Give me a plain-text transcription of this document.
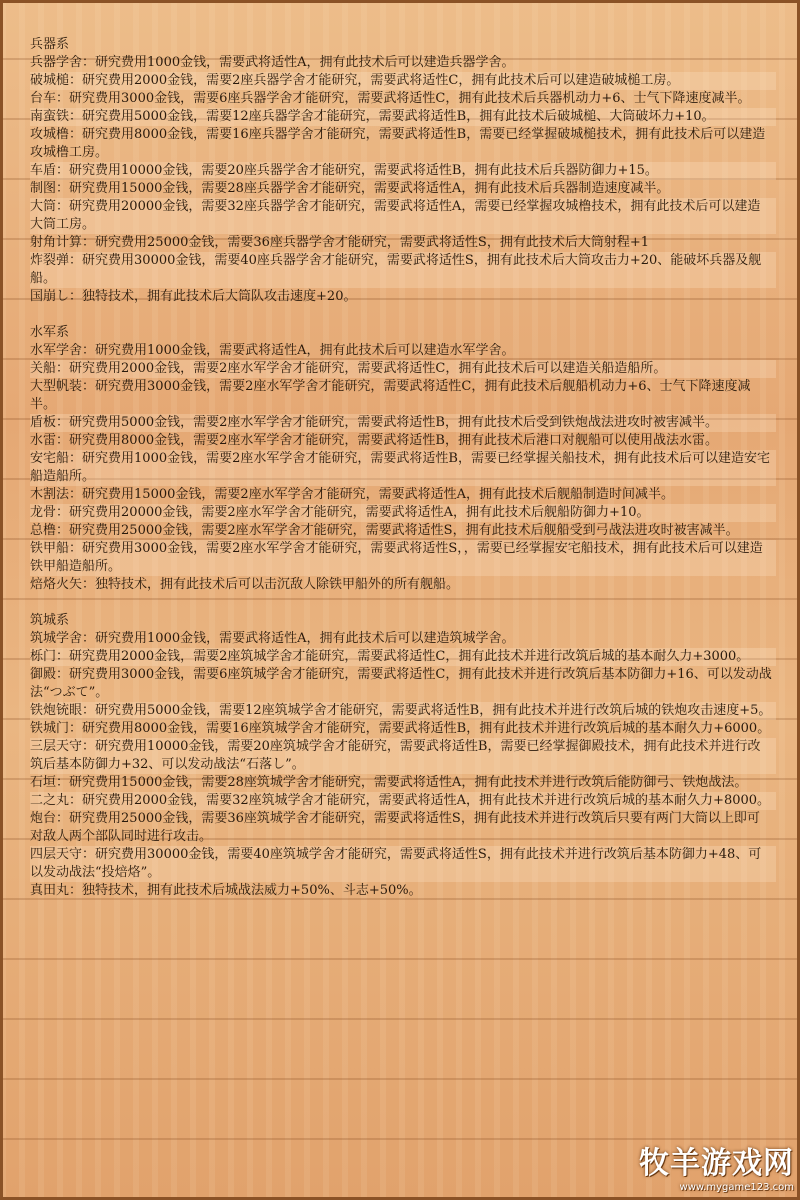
兵器系

兵器学舍 ： 研究费用1000金钱，需要武将适性A，拥有此技术后可以建造兵器学舍。

破城槌 ： 研究费用2000金钱，需要2座兵器学舍才能研究，需要武将适性C，拥有此技术后可以建造破城槌工房。

台车 ： 研究费用3000金钱，需要6座兵器学舍才能研究，需要武将适性C，拥有此技术后兵器机动力+6、士气下降速度减半。

南蛮铁 ： 研究费用5000金钱，需要12座兵器学舍才能研究，需要武将适性B，拥有此技术后破城槌、大筒破坏力+10。

攻城橹 ： 研究费用8000金钱，需要16座兵器学舍才能研究，需要武将适性B，需要已经掌握破城槌技术，拥有此技术后可以建造攻城橹工房。

车盾 ： 研究费用10000金钱，需要20座兵器学舍才能研究，需要武将适性B，拥有此技术后兵器防御力+15。

制图 ： 研究费用15000金钱，需要28座兵器学舍才能研究，需要武将适性A，拥有此技术后兵器制造速度减半。

大筒 ： 研究费用20000金钱，需要32座兵器学舍才能研究，需要武将适性A，需要已经掌握攻城橹技术，拥有此技术后可以建造大筒工房。

射角计算 ： 研究费用25000金钱，需要36座兵器学舍才能研究，需要武将适性S，拥有此技术后大筒射程+1

炸裂弹 ： 研究费用30000金钱，需要40座兵器学舍才能研究，需要武将适性S，拥有此技术后大筒攻击力+20、能破坏兵器及舰船。

国崩し ： 独特技术，拥有此技术后大筒队攻击速度+20。

水军系

水军学舍 ： 研究费用1000金钱，需要武将适性A，拥有此技术后可以建造水军学舍。

关船 ： 研究费用2000金钱，需要2座水军学舍才能研究，需要武将适性C，拥有此技术后可以建造关船造船所。

大型帆装 ： 研究费用3000金钱，需要2座水军学舍才能研究，需要武将适性C，拥有此技术后舰船机动力+6、士气下降速度减半。

盾板 ： 研究费用5000金钱，需要2座水军学舍才能研究，需要武将适性B，拥有此技术后受到铁炮战法进攻时被害减半。

水雷 ： 研究费用8000金钱，需要2座水军学舍才能研究，需要武将适性B，拥有此技术后港口对舰船可以使用战法水雷。

安宅船 ： 研究费用1000金钱，需要2座水军学舍才能研究，需要武将适性B，需要已经掌握关船技术，拥有此技术后可以建造安宅船造船所。

木割法 ： 研究费用15000金钱，需要2座水军学舍才能研究，需要武将适性A，拥有此技术后舰船制造时间减半。

龙骨 ： 研究费用20000金钱，需要2座水军学舍才能研究，需要武将适性A，拥有此技术后舰船防御力+10。

总橹 ： 研究费用25000金钱，需要2座水军学舍才能研究，需要武将适性S，拥有此技术后舰船受到弓战法进攻时被害减半。

铁甲船 ： 研究费用3000金钱，需要2座水军学舍才能研究，需要武将适性S，，需要已经掌握安宅船技术，拥有此技术后可以建造铁甲船造船所。

焙烙火矢 ： 独特技术，拥有此技术后可以击沉敌人除铁甲船外的所有舰船。

筑城系

筑城学舍 ： 研究费用1000金钱，需要武将适性A，拥有此技术后可以建造筑城学舍。

栎门 ： 研究费用2000金钱，需要2座筑城学舍才能研究，需要武将适性C，拥有此技术并进行改筑后城的基本耐久力+3000。

御殿 ： 研究费用3000金钱，需要6座筑城学舍才能研究，需要武将适性C，拥有此技术并进行改筑后基本防御力+16、可以发动战法“つぶて”。

铁炮铳眼 ： 研究费用5000金钱，需要12座筑城学舍才能研究，需要武将适性B，拥有此技术并进行改筑后城的铁炮攻击速度+5。

铁城门 ： 研究费用8000金钱，需要16座筑城学舍才能研究，需要武将适性B，拥有此技术并进行改筑后城的基本耐久力+6000。

三层天守 ： 研究费用10000金钱，需要20座筑城学舍才能研究，需要武将适性B，需要已经掌握御殿技术，拥有此技术并进行改筑后基本防御力+32、可以发动战法“石落し”。

石垣 ： 研究费用15000金钱，需要28座筑城学舍才能研究，需要武将适性A，拥有此技术并进行改筑后能防御弓、铁炮战法。

二之丸 ： 研究费用2000金钱，需要32座筑城学舍才能研究，需要武将适性A，拥有此技术并进行改筑后城的基本耐久力+8000。

炮台 ： 研究费用25000金钱，需要36座筑城学舍才能研究，需要武将适性S，拥有此技术并进行改筑后只要有两门大筒以上即可对敌人两个部队同时进行攻击。

四层天守 ： 研究费用30000金钱，需要40座筑城学舍才能研究，需要武将适性S，拥有此技术并进行改筑后基本防御力+48、可以发动战法“投焙烙”。

真田丸 ： 独特技术，拥有此技术后城战法威力+50%、斗志+50%。

牧羊游戏网
www.mygame123.com
